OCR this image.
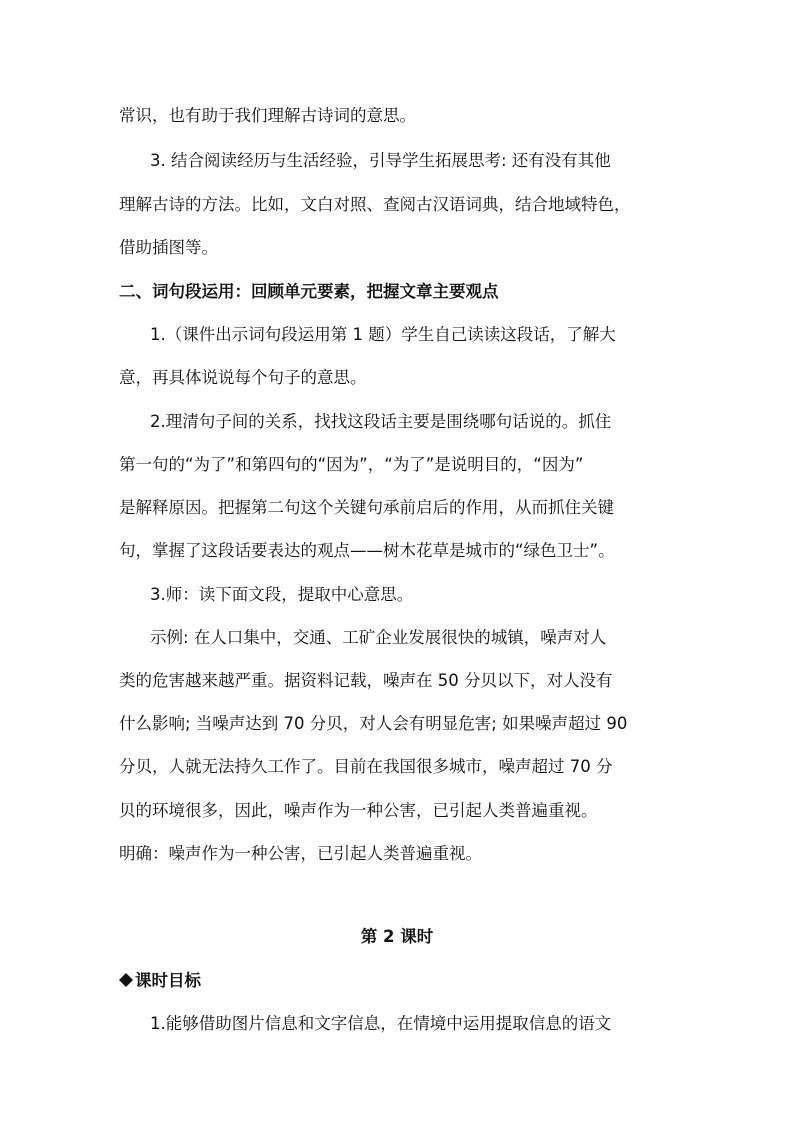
常识，也有助于我们理解古诗词的意思。
3. 结合阅读经历与生活经验，引导学生拓展思考: 还有没有其他
理解古诗的方法。比如，文白对照、查阅古汉语词典，结合地域特色，
借助插图等。
二、词句段运用：回顾单元要素，把握文章主要观点
1.（课件出示词句段运用第 1 题）学生自己读读这段话，了解大
意，再具体说说每个句子的意思。
2.理清句子间的关系，找找这段话主要是围绕哪句话说的。抓住
第一句的“为了”和第四句的“因为”，“为了”是说明目的，“因为”
是解释原因。把握第二句这个关键句承前启后的作用，从而抓住关键
句，掌握了这段话要表达的观点——树木花草是城市的“绿色卫士”。
3.师：读下面文段，提取中心意思。
示例: 在人口集中，交通、工矿企业发展很快的城镇，噪声对人
类的危害越来越严重。据资料记载，噪声在 50 分贝以下，对人没有
什么影响; 当噪声达到 70 分贝，对人会有明显危害; 如果噪声超过 90
分贝，人就无法持久工作了。目前在我国很多城市，噪声超过 70 分
贝的环境很多，因此，噪声作为一种公害，已引起人类普遍重视。
明确：噪声作为一种公害，已引起人类普遍重视。
第 2 课时
课时目标
1.能够借助图片信息和文字信息，在情境中运用提取信息的语文
